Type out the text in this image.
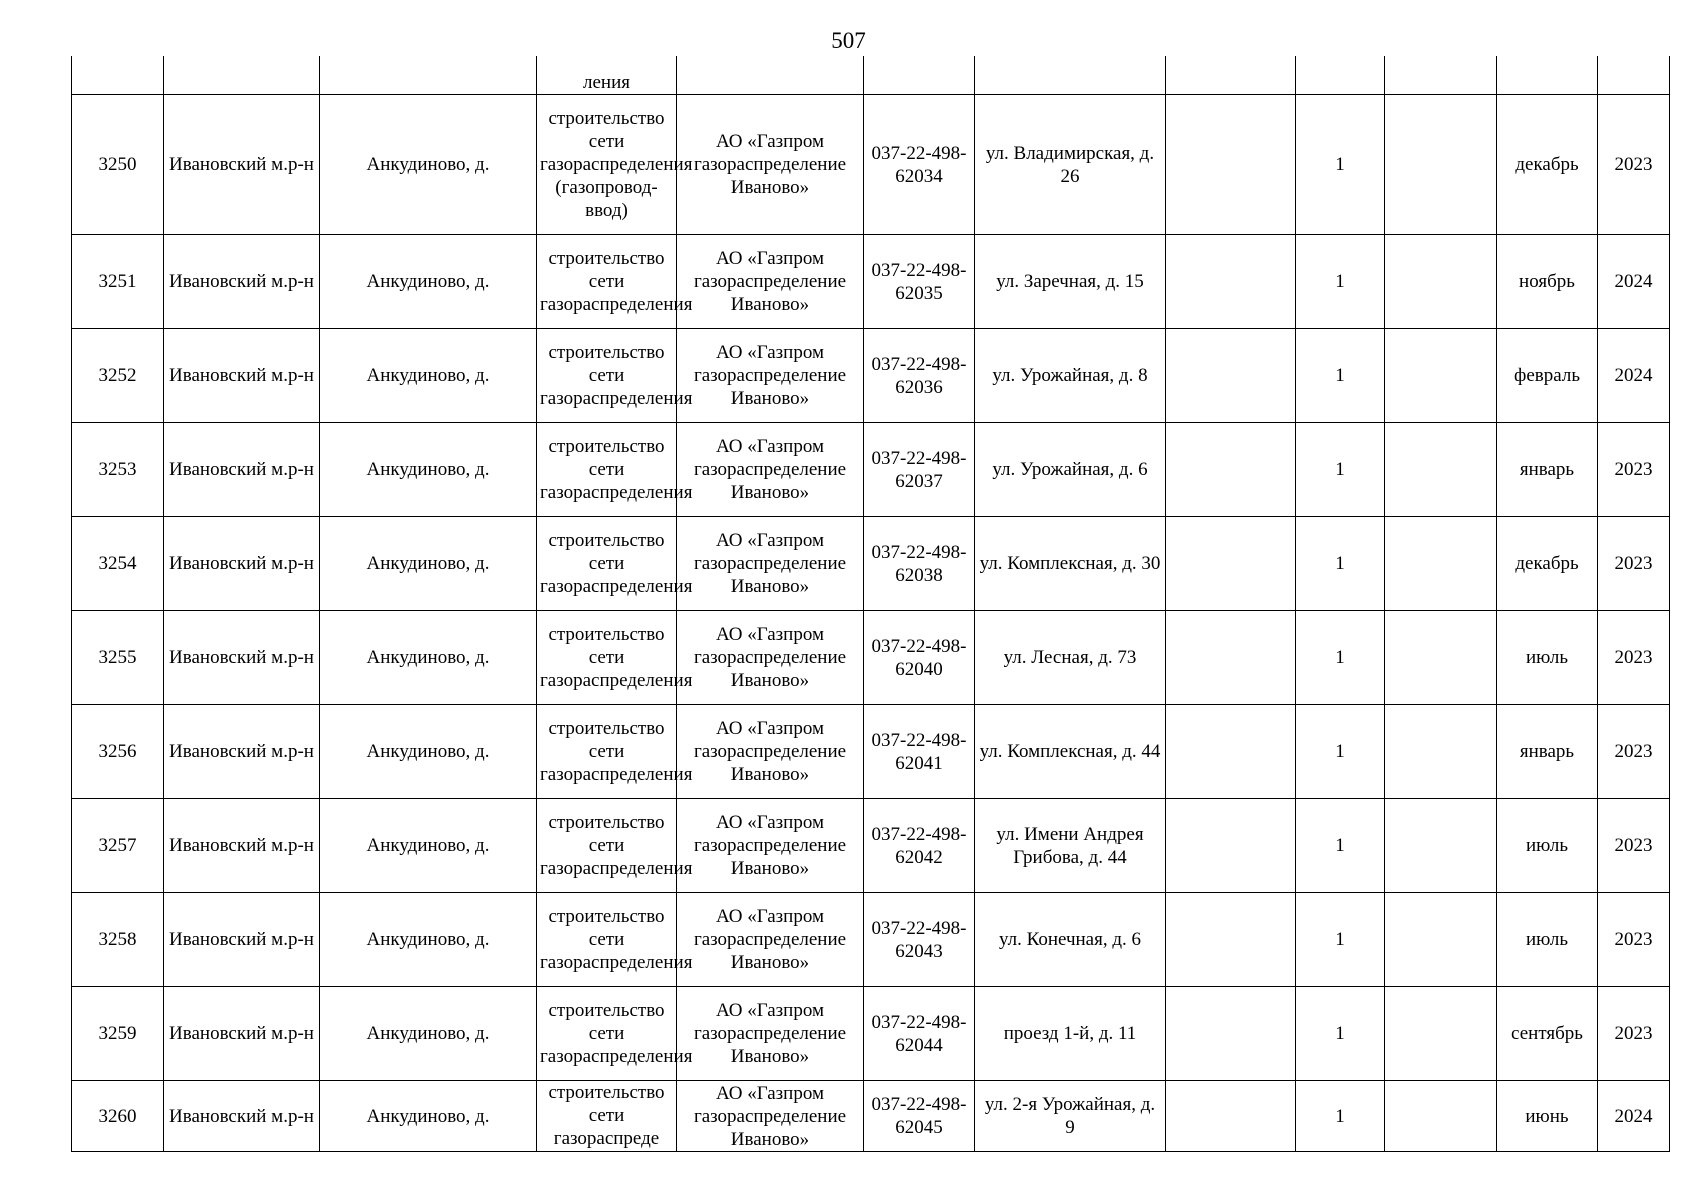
507
			ления								
3250	Ивановский м.р-н	Анкудиново, д.	строительство сети газораспределения (газопровод-ввод)	АО «Газпром газораспределение Иваново»	037-22-498-62034	ул. Владимирская, д. 26		1		декабрь	2023
3251	Ивановский м.р-н	Анкудиново, д.	строительство сети газораспределения	АО «Газпром газораспределение Иваново»	037-22-498-62035	ул. Заречная, д. 15		1		ноябрь	2024
3252	Ивановский м.р-н	Анкудиново, д.	строительство сети газораспределения	АО «Газпром газораспределение Иваново»	037-22-498-62036	ул. Урожайная, д. 8		1		февраль	2024
3253	Ивановский м.р-н	Анкудиново, д.	строительство сети газораспределения	АО «Газпром газораспределение Иваново»	037-22-498-62037	ул. Урожайная, д. 6		1		январь	2023
3254	Ивановский м.р-н	Анкудиново, д.	строительство сети газораспределения	АО «Газпром газораспределение Иваново»	037-22-498-62038	ул. Комплексная, д. 30		1		декабрь	2023
3255	Ивановский м.р-н	Анкудиново, д.	строительство сети газораспределения	АО «Газпром газораспределение Иваново»	037-22-498-62040	ул. Лесная, д. 73		1		июль	2023
3256	Ивановский м.р-н	Анкудиново, д.	строительство сети газораспределения	АО «Газпром газораспределение Иваново»	037-22-498-62041	ул. Комплексная, д. 44		1		январь	2023
3257	Ивановский м.р-н	Анкудиново, д.	строительство сети газораспределения	АО «Газпром газораспределение Иваново»	037-22-498-62042	ул. Имени Андрея Грибова, д. 44		1		июль	2023
3258	Ивановский м.р-н	Анкудиново, д.	строительство сети газораспределения	АО «Газпром газораспределение Иваново»	037-22-498-62043	ул. Конечная, д. 6		1		июль	2023
3259	Ивановский м.р-н	Анкудиново, д.	строительство сети газораспределения	АО «Газпром газораспределение Иваново»	037-22-498-62044	проезд 1-й, д. 11		1		сентябрь	2023
3260	Ивановский м.р-н	Анкудиново, д.	строительство сети газораспреде	АО «Газпром газораспределение Иваново»	037-22-498-62045	ул. 2-я Урожайная, д. 9		1		июнь	2024
